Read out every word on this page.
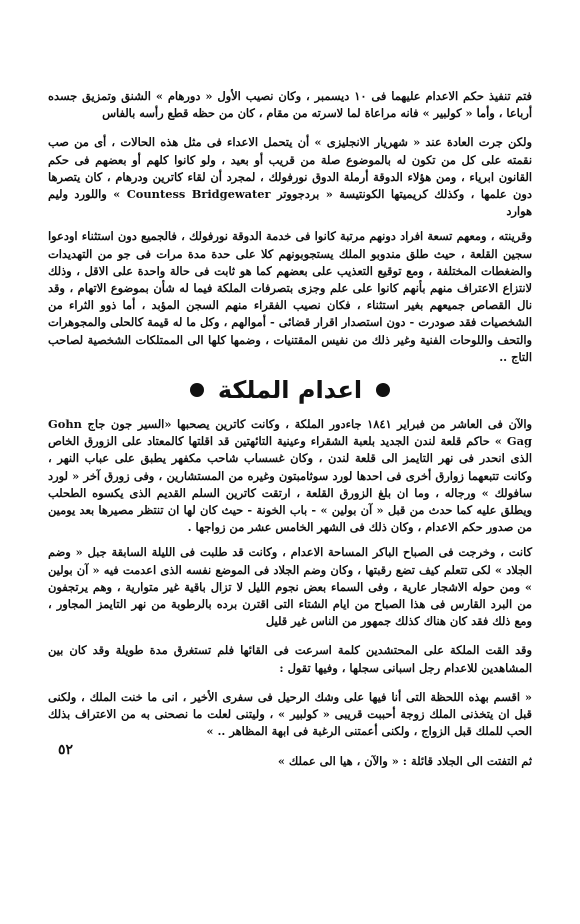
فتم تنفيذ حكم الاعدام عليهما فى ١٠ ديسمبر ، وكان نصيب الأول « دورهام » الشنق وتمزيق جسده أرباعا ، وأما « كولبير » فانه مراعاة لما لاسرته من مقام ، كان من حظه قطع رأسه بالفاس

ولكن جرت العادة عند « شهريار الانجليزى » أن يتحمل الاعداء فى مثل هذه الحالات ، أى من صب نقمته على كل من تكون له بالموضوع صلة من قريب أو بعيد ، ولو كانوا كلهم أو بعضهم فى حكم القانون ابرياء ، ومن هؤلاء الدوقة أرملة الدوق نورفولك ، لمجرد أن لقاء كاترين ودرهام ، كان يتصرها دون علمها ، وكذلك كريميتها الكونتيسة « بردجووتر Countess Bridgewater » واللورد وليم هوارد

وقرينته ، ومعهم تسعة افراد دونهم مرتبة كانوا فى خدمة الدوقة نورفولك ، فالجميع دون استثناء اودعوا سجين القلعة ، حيث طلق مندوبو الملك يستجوبونهم كلا على حدة مدة مرات فى جو من التهديدات والضغطات المختلفة ، ومع توقيع التعذيب على بعضهم كما هو ثابت فى حالة واحدة على الاقل ، وذلك لانتزاع الاعتراف منهم بأنهم كانوا على علم وجزى بتصرفات الملكة فيما له شأن بموضوع الاتهام ، وقد نال القصاص جميعهم بغير استثناء ، فكان نصيب الفقراء منهم السجن المؤبد ، أما ذوو الثراء من الشخصيات فقد صودرت - دون استصدار اقرار قضائى - أموالهم ، وكل ما له قيمة كالحلى والمجوهرات والتحف واللوحات الفنية وغير ذلك من نفيس المقتنيات ، وضمها كلها الى الممتلكات الشخصية لصاحب التاج ..

اعدام الملكة

والآن فى العاشر من فبراير ١٨٤١ جاءدور الملكة ، وكانت كاترين يصحبها «السير جون جاج Gohn Gag » حاكم قلعة لندن الجديد بلعبة الشقراء وعينية التائهتين قد اقلتها كالمعتاد على الزورق الخاص الذى انحدر فى نهر التايمز الى قلعة لندن ، وكان غسساب شاحب مكفهر يطبق على عباب النهر ، وكانت تتبعهما زوارق أخرى فى احدها لورد سوثامبتون وغيره من المستشارين ، وفى زورق آخر « لورد سافولك » ورجاله ، وما ان بلغ الزورق القلعة ، ارتقت كاترين السلم القديم الذى يكسوه الطحلب ويطلق عليه كما حدث من قبل « آن بولين » - باب الخونة - حيث كان لها ان تنتظر مصيرها بعد يومين من صدور حكم الاعدام ، وكان ذلك فى الشهر الخامس عشر من زواجها .

كانت ، وخرجت فى الصباح الباكر المساحة الاعدام ، وكانت قد طلبت فى الليلة السابقة جبل « وضم الجلاد » لكى تتعلم كيف تضع رقبتها ، وكان وضم الجلاد فى الموضع نفسه الذى اعدمت فيه « آن بولين » ومن حوله الاشجار عارية ، وفى السماء بعض نجوم الليل لا تزال باقية غير متوارية ، وهم يرتجفون من البرد القارس فى هذا الصباح من ايام الشتاء التى اقترن برده بالرطوبة من نهر التايمز المجاور ، ومع ذلك فقد كان هناك كذلك جمهور من الناس غير قليل

وقد القت الملكة على المحتشدين كلمة اسرعت فى القائها فلم تستغرق مدة طويلة وقد كان بين المشاهدين للاعدام رجل اسبانى سجلها ، وفيها تقول :

« اقسم بهذه اللحظة التى أنا فيها على وشك الرحيل فى سفرى الأخير ، انى ما خنت الملك ، ولكنى قبل ان يتخذنى الملك زوجة أحببت قريبى « كولبير » ، وليتنى لعلت ما نصحنى به من الاعتراف بذلك الحب للملك قبل الزواج ، ولكنى أعمتنى الرغبة فى ابهة المظاهر .. »

ثم التفتت الى الجلاد قائلة : « والآن ، هيا الى عملك »

٥٢
